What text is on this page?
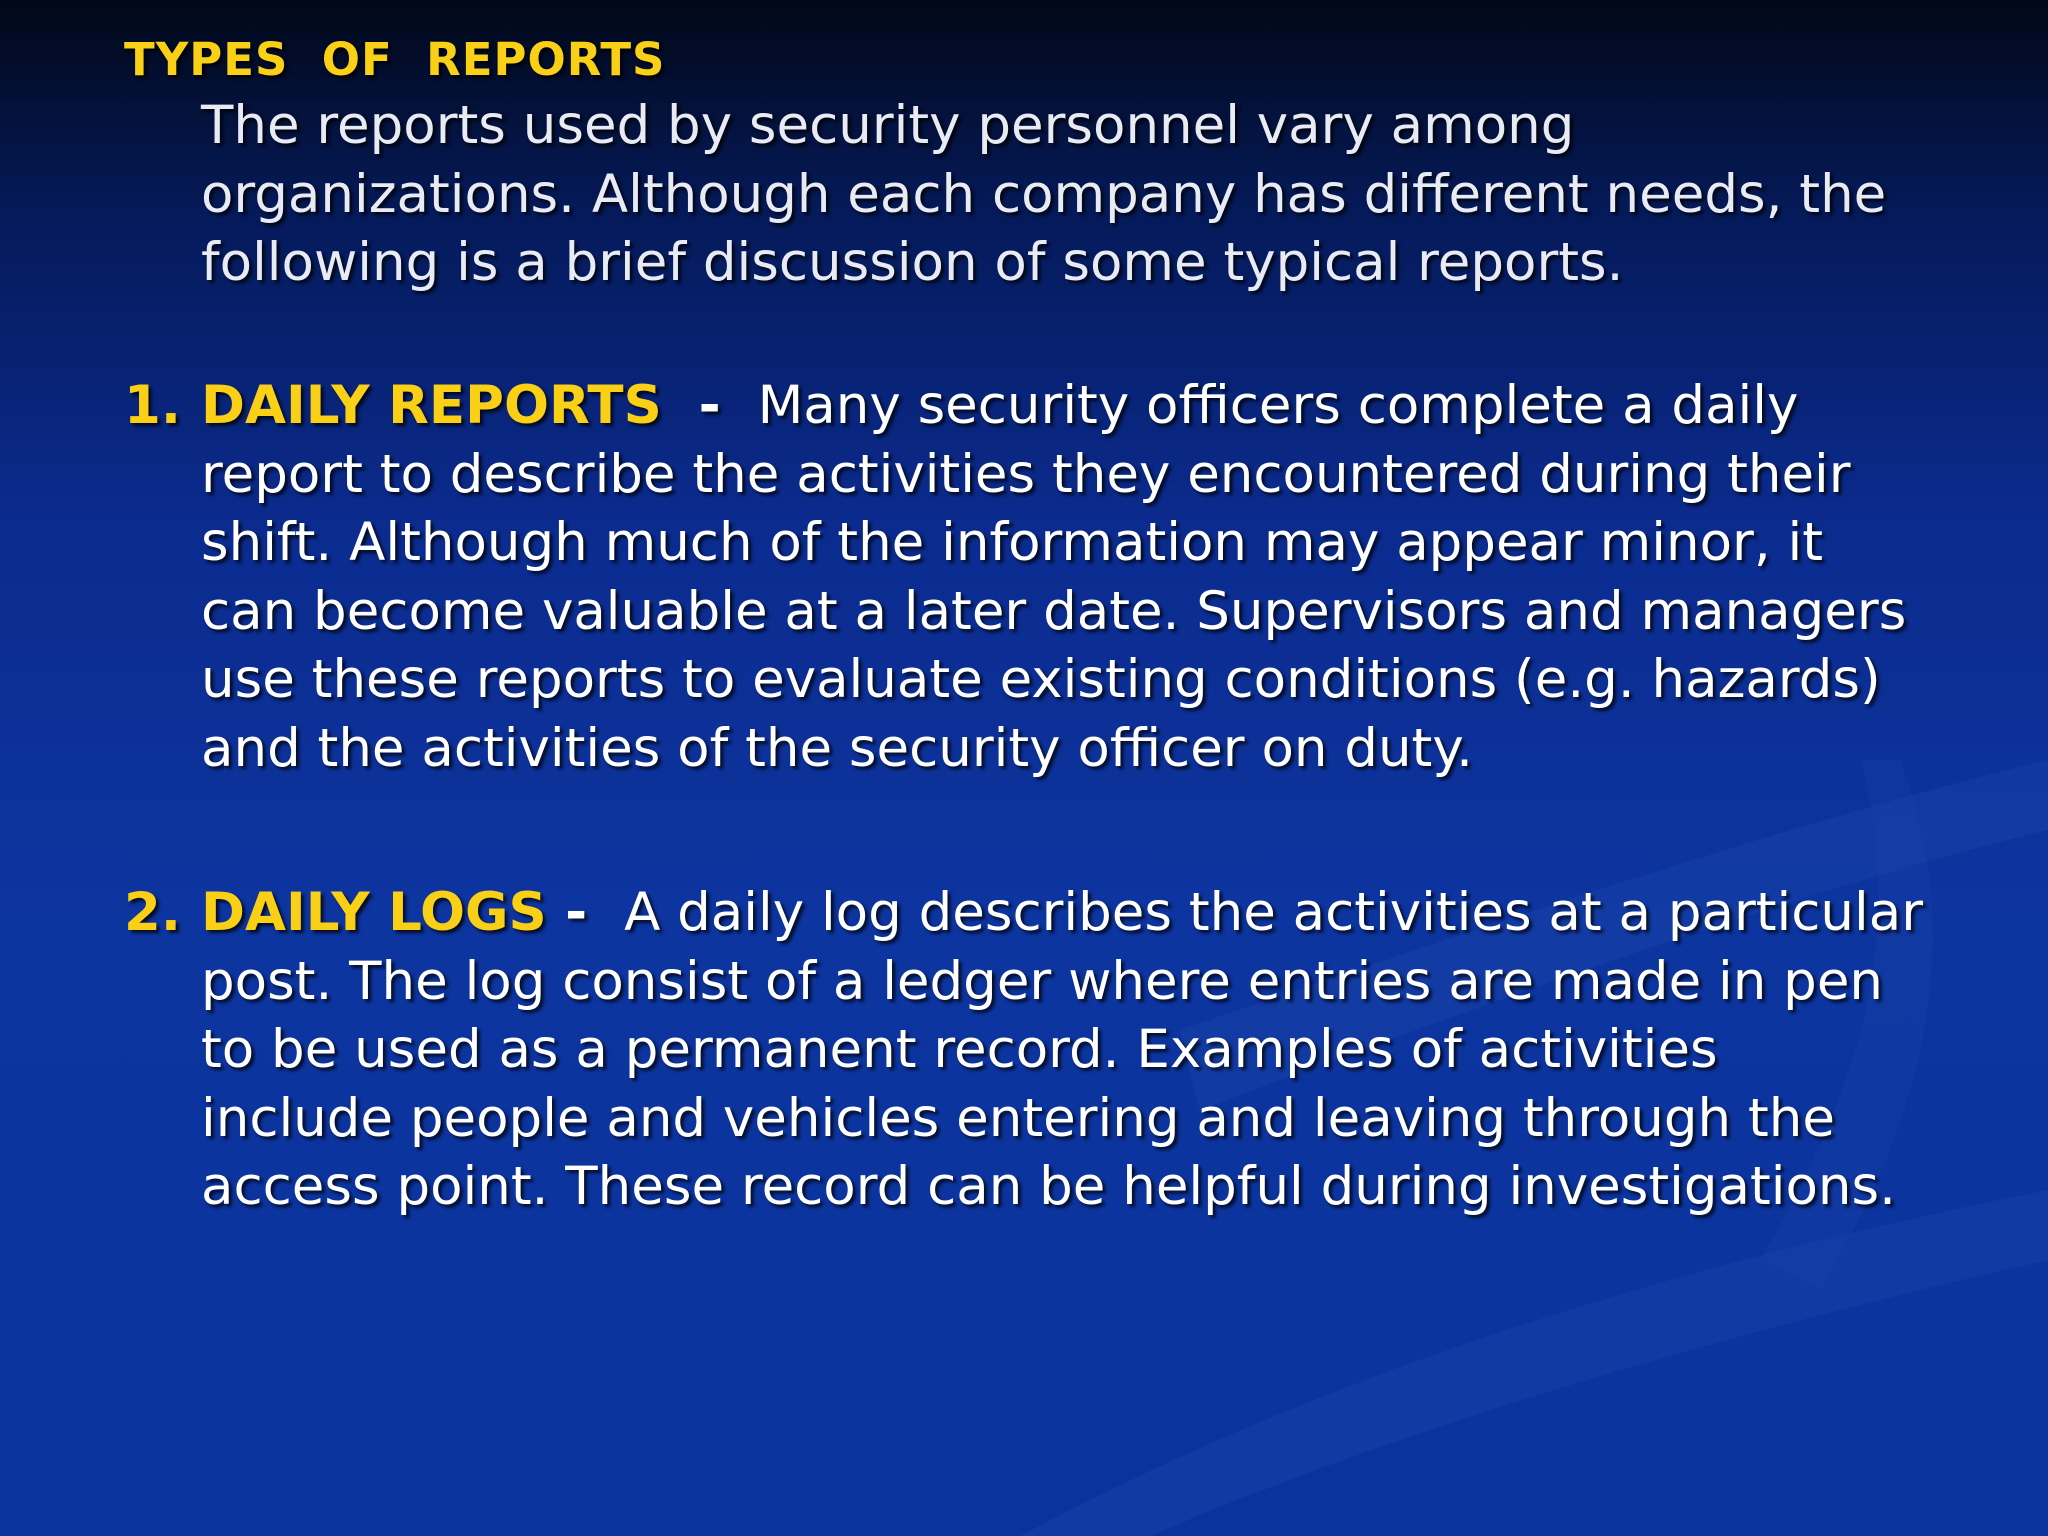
TYPES  OF  REPORTS
The reports used by security personnel vary among organizations. Although each company has different needs, the following is a brief discussion of some typical reports.
1. DAILY REPORTS  -  Many security officers complete a daily report to describe the activities they encountered during their shift. Although much of the information may appear minor, it can become valuable at a later date. Supervisors and managers use these reports to evaluate existing conditions (e.g. hazards) and the activities of the security officer on duty.
2. DAILY LOGS -  A daily log describes the activities at a particular post. The log consist of a ledger where entries are made in pen to be used as a permanent record. Examples of activities include people and vehicles entering and leaving through the access point. These record can be helpful during investigations.
